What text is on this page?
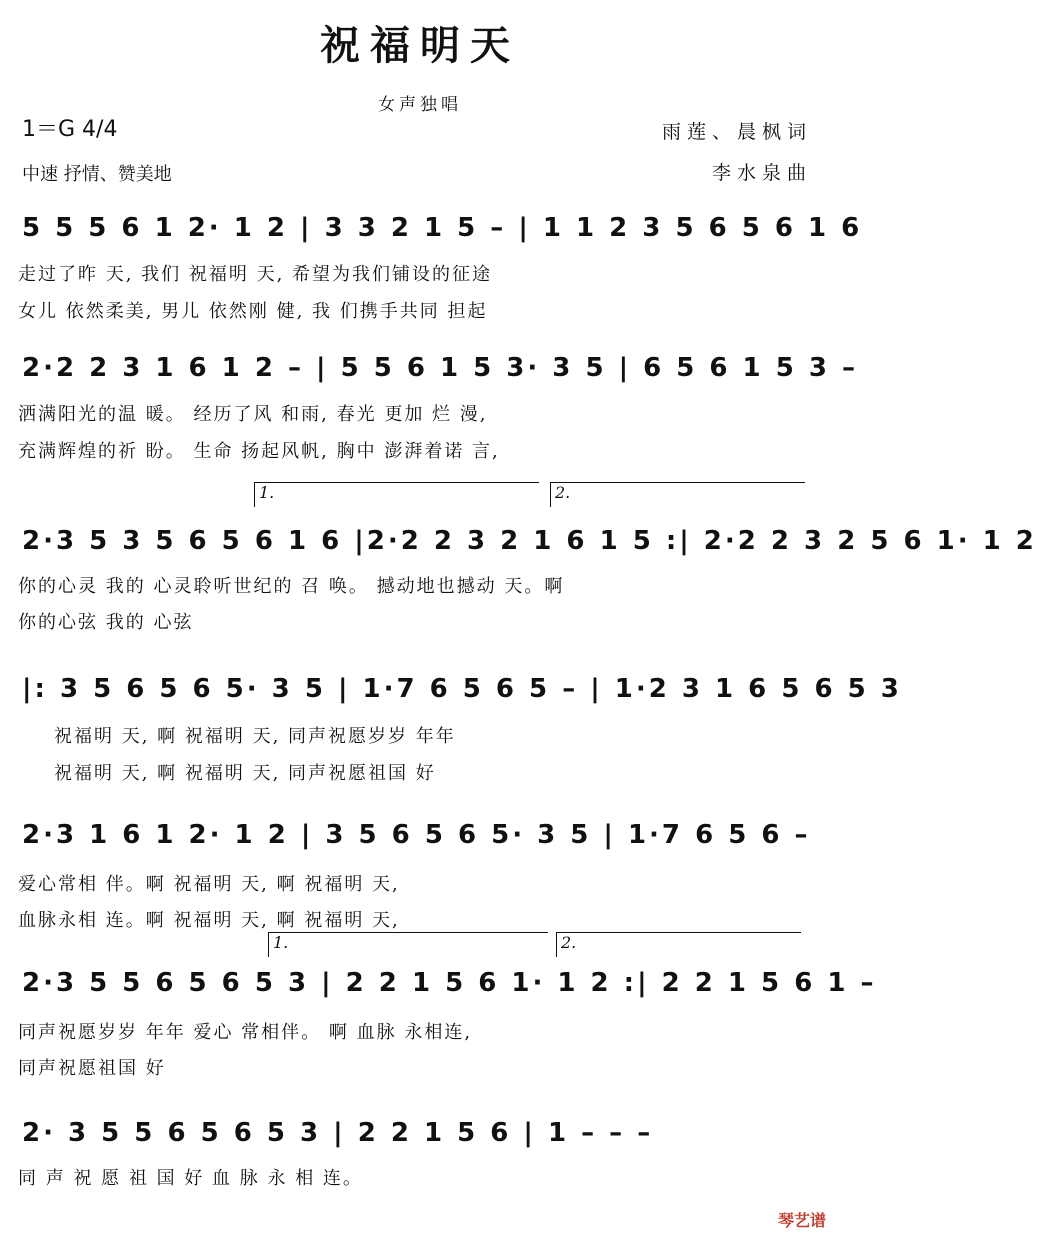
祝福明天
女声独唱
1＝G 4/4
中速 抒情、赞美地
雨莲、晨枫词
李水泉曲
5 5 5 6 1 2· 1 2 | 3 3 2 1 5 – | 1 1 2 3 5 6 5 6 1 6
走过了昨 天, 我们 祝福明 天, 希望为我们铺设的征途
女儿 依然柔美, 男儿 依然刚 健, 我 们携手共同 担起
2·2 2 3 1 6 1 2 – | 5 5 6 1 5 3· 3 5 | 6 5 6 1 5 3 –
洒满阳光的温 暖。 经历了风 和雨, 春光 更加 烂 漫,
充满辉煌的祈 盼。 生命 扬起风帆, 胸中 澎湃着诺 言,
1.	2.
2·3 5 3 5 6 5 6 1 6 |2·2 2 3 2 1 6 1 5 :| 2·2 2 3 2 5 6 1· 1 2
你的心灵 我的 心灵聆听世纪的 召 唤。 撼动地也撼动 天。啊
你的心弦 我的 心弦
|: 3 5 6 5 6 5· 3 5 | 1·7 6 5 6 5 – | 1·2 3 1 6 5 6 5 3
祝福明 天, 啊 祝福明 天, 同声祝愿岁岁 年年
祝福明 天, 啊 祝福明 天, 同声祝愿祖国 好
2·3 1 6 1 2· 1 2 | 3 5 6 5 6 5· 3 5 | 1·7 6 5 6 –
爱心常相 伴。啊 祝福明 天, 啊 祝福明 天,
血脉永相 连。啊 祝福明 天, 啊 祝福明 天,
1.	2.
2·3 5 5 6 5 6 5 3 | 2 2 1 5 6 1· 1 2 :| 2 2 1 5 6 1 –
同声祝愿岁岁 年年 爱心 常相伴。 啊 血脉 永相连,
同声祝愿祖国 好
2· 3 5 5 6 5 6 5 3 | 2 2 1 5 6 | 1 – – –
同 声 祝 愿 祖 国 好 血 脉 永 相 连。
琴艺谱
